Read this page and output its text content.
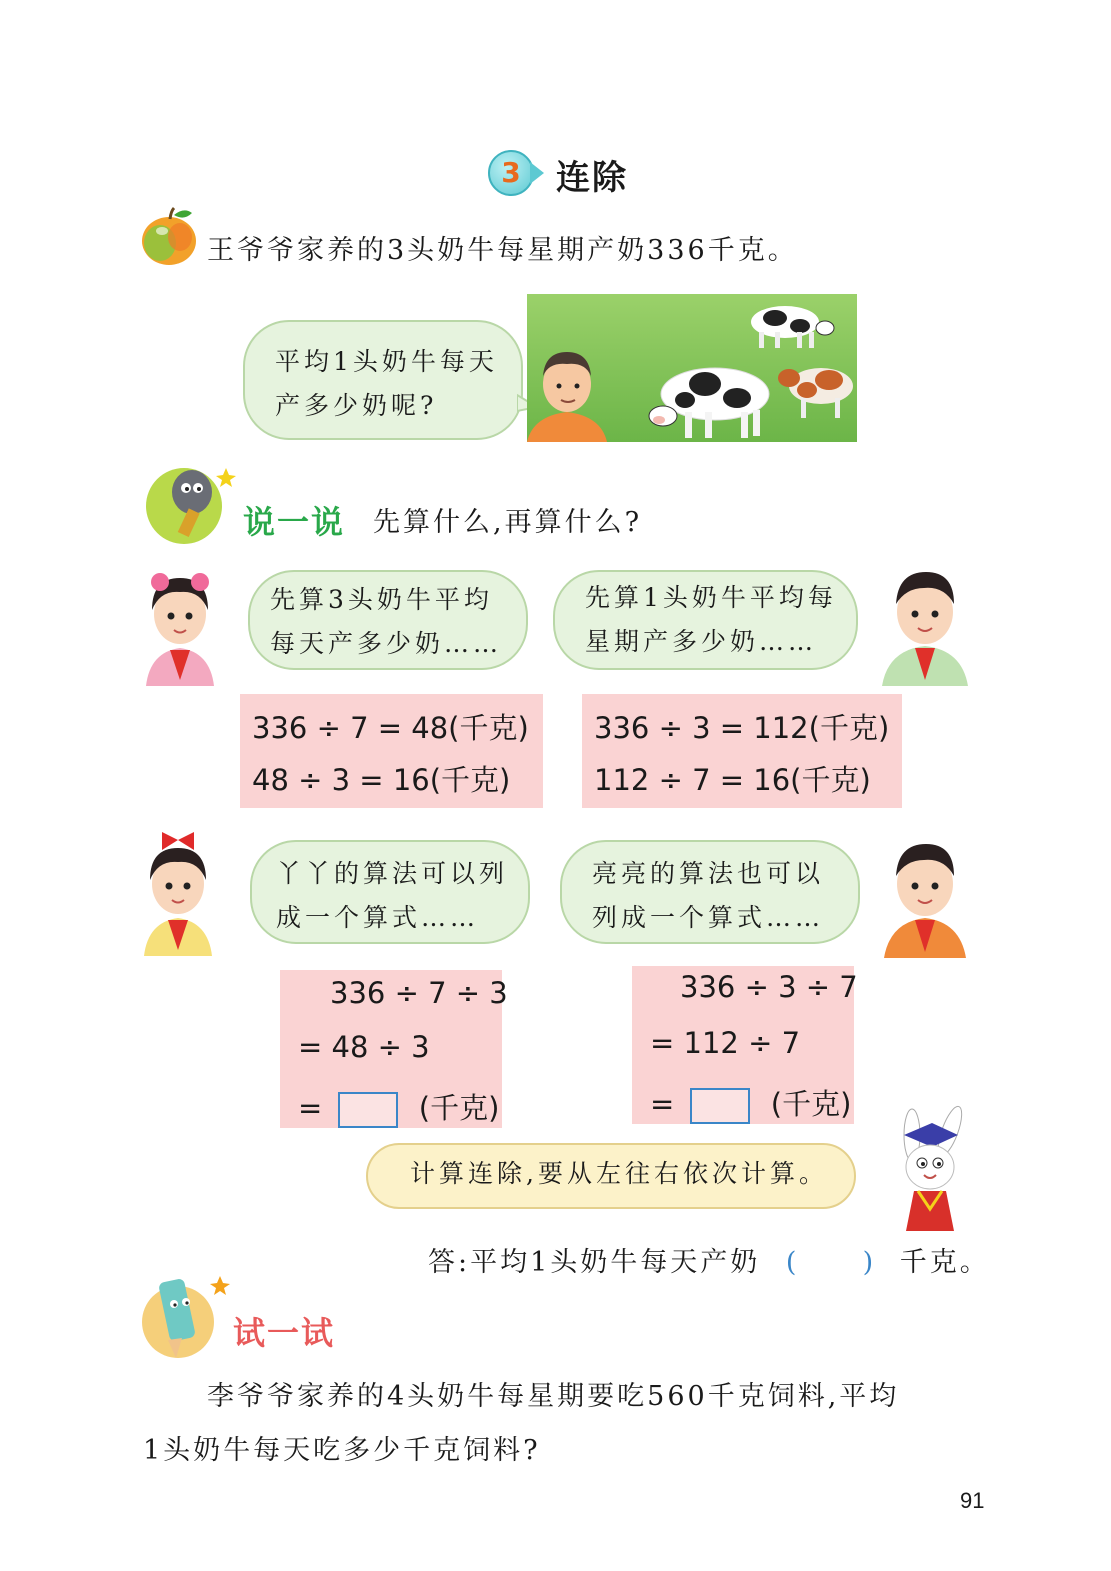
3	连除
王爷爷家养的3头奶牛每星期产奶336千克。
平均1头奶牛每天
产多少奶呢?
说一说 先算什么,再算什么?
先算3头奶牛平均
每天产多少奶……
先算1头奶牛平均每
星期产多少奶……
336 ÷ 7 = 48(千克)
48 ÷ 3 = 16(千克)
336 ÷ 3 = 112(千克)
112 ÷ 7 = 16(千克)
丫丫的算法可以列
成一个算式……
亮亮的算法也可以
列成一个算式……
336 ÷ 7 ÷ 3
= 48 ÷ 3
=	(千克)
336 ÷ 3 ÷ 7
= 112 ÷ 7
=	(千克)
计算连除,要从左往右依次计算。
答:平均1头奶牛每天产奶 ( ) 千克。
试一试
李爷爷家养的4头奶牛每星期要吃560千克饲料,平均
1头奶牛每天吃多少千克饲料?
91
